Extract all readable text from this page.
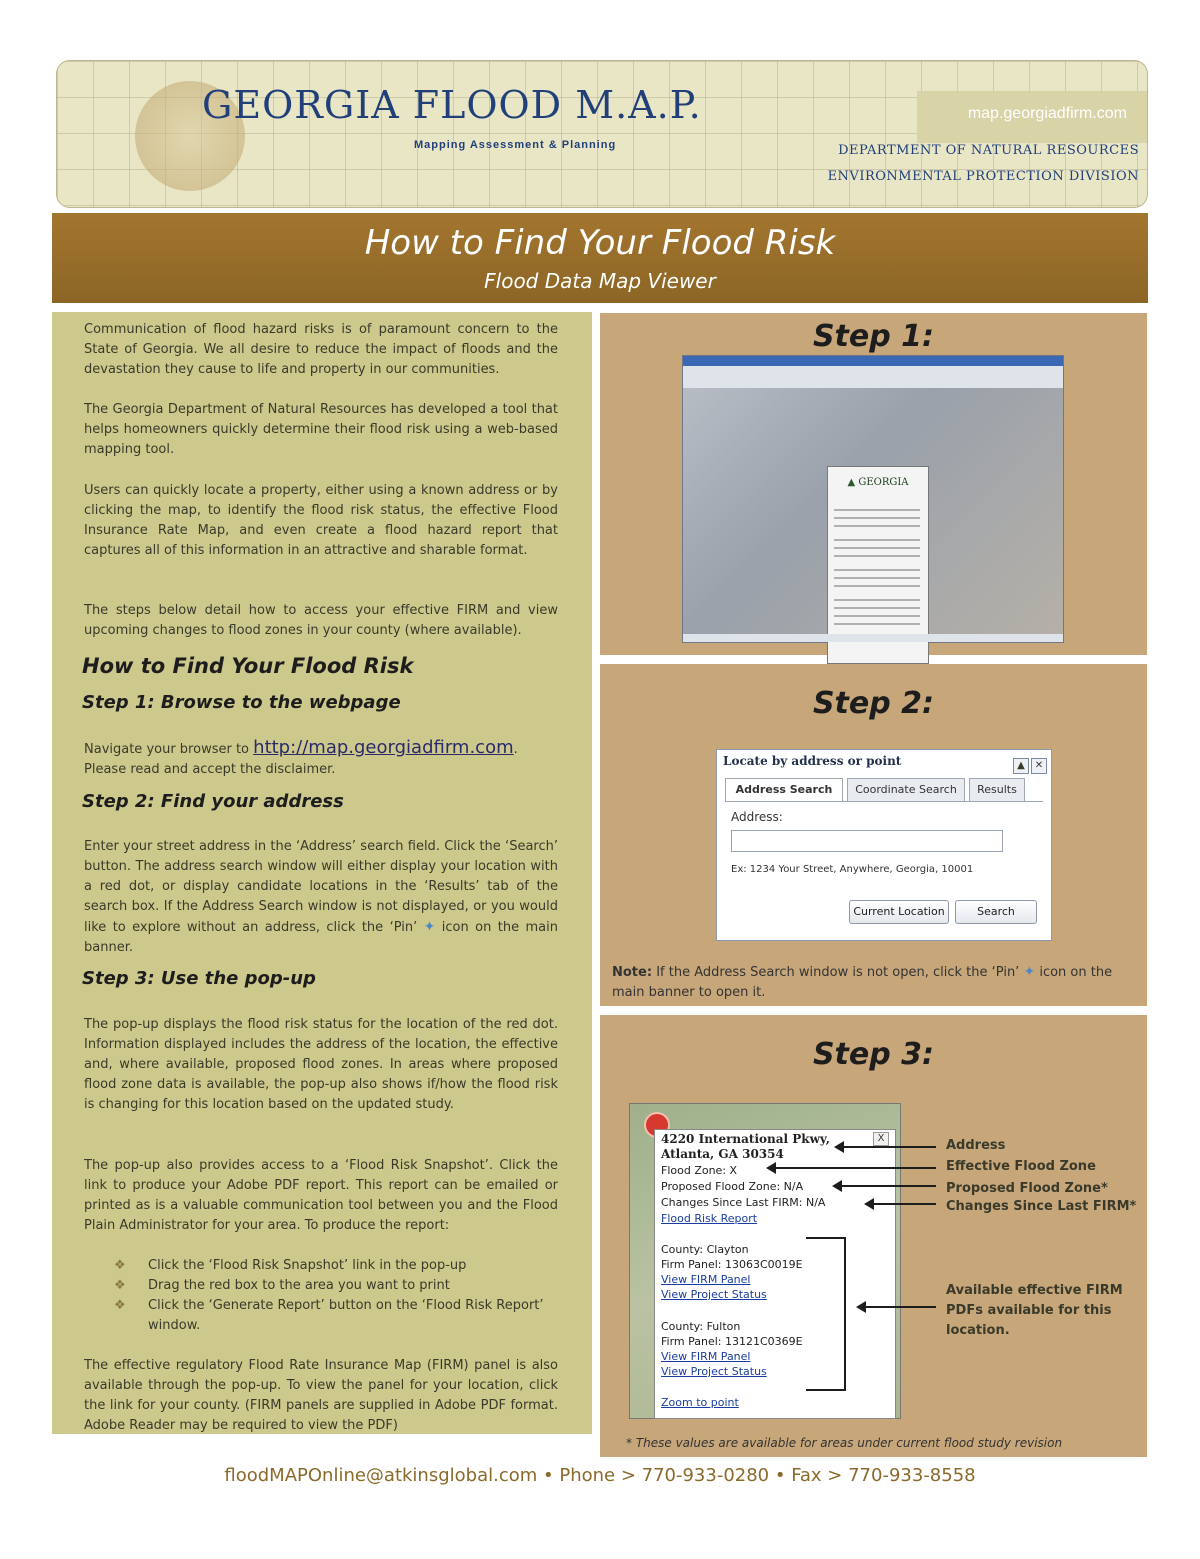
GEORGIA FLOOD M.A.P.
Mapping Assessment & Planning
map.georgiadfirm.com
DEPARTMENT OF NATURAL RESOURCES
ENVIRONMENTAL PROTECTION DIVISION
How to Find Your Flood Risk
Flood Data Map Viewer

Communication of flood hazard risks is of paramount concern to the State of Georgia. We all desire to reduce the impact of floods and the devastation they cause to life and property in our communities.

The Georgia Department of Natural Resources has developed a tool that helps homeowners quickly determine their flood risk using a web-based mapping tool.

Users can quickly locate a property, either using a known address or by clicking the map, to identify the flood risk status, the effective Flood Insurance Rate Map, and even create a flood hazard report that captures all of this information in an attractive and sharable format.

The steps below detail how to access your effective FIRM and view upcoming changes to flood zones in your county (where available).

How to Find Your Flood Risk
Step 1: Browse to the webpage

Navigate your browser to http://map.georgiadfirm.com.
Please read and accept the disclaimer.

Step 2: Find your address

Enter your street address in the ‘Address’ search field. Click the ‘Search’ button. The address search window will either display your location with a red dot, or display candidate locations in the ‘Results’ tab of the search box. If the Address Search window is not displayed, or you would like to explore without an address, click the ‘Pin’ ✦ icon on the main banner.

Step 3: Use the pop-up

The pop-up displays the flood risk status for the location of the red dot. Information displayed includes the address of the location, the effective and, where available, proposed flood zones. In areas where proposed flood zone data is available, the pop-up also shows if/how the flood risk is changing for this location based on the updated study.

The pop-up also provides access to a ‘Flood Risk Snapshot’. Click the link to produce your Adobe PDF report. This report can be emailed or printed as is a valuable communication tool between you and the Flood Plain Administrator for your area. To produce the report:

❖ Click the ‘Flood Risk Snapshot’ link in the pop-up
❖ Drag the red box to the area you want to print
❖ Click the ‘Generate Report’ button on the ‘Flood Risk Report’ window.

The effective regulatory Flood Rate Insurance Map (FIRM) panel is also available through the pop-up. To view the panel for your location, click the link for your county. (FIRM panels are supplied in Adobe PDF format. Adobe Reader may be required to view the PDF)

Step 1:
▲ GEORGIA
Step 2:
Locate by address or point	▲ ✕
Address Search	Coordinate Search	Results
Address:
Ex: 1234 Your Street, Anywhere, Georgia, 10001
Current Location	Search
Note: If the Address Search window is not open, click the ‘Pin’ ✦ icon on the main banner to open it.
Step 3:
X
4220 International Pkwy,
Atlanta, GA 30354
Flood Zone: X
Proposed Flood Zone: N/A
Changes Since Last FIRM: N/A
Flood Risk Report
County: Clayton
Firm Panel: 13063C0019E
View FIRM Panel
View Project Status
County: Fulton
Firm Panel: 13121C0369E
View FIRM Panel
View Project Status
Zoom to point
Address
Effective Flood Zone
Proposed Flood Zone*
Changes Since Last FIRM*
Available effective FIRM PDFs available for this location.
* These values are available for areas under current flood study revision
floodMAPOnline@atkinsglobal.com • Phone > 770-933-0280 • Fax > 770-933-8558
